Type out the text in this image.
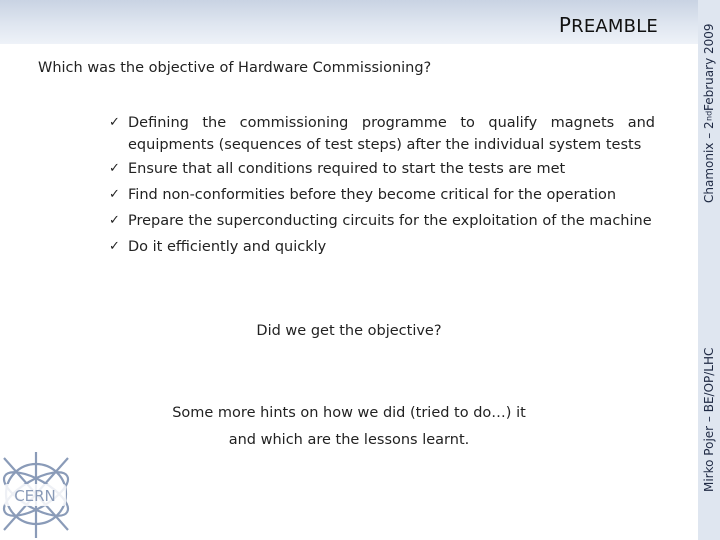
PREAMBLE
Chamonix – 2
nd
February 2009
Mirko Pojer – BE/OP/LHC
Which was the objective of Hardware Commissioning?
✓ Defining the commissioning programme to qualify magnets and
equipments (sequences of test steps) after the individual system tests
✓ Ensure that all conditions required to start the tests are met
✓ Find non-conformities before they become critical for the operation
✓ Prepare the superconducting circuits for the exploitation of the machine
✓ Do it efficiently and quickly
Did we get the objective?
Some more hints on how we did (tried to do…) it
and which are the lessons learnt.
CERN
